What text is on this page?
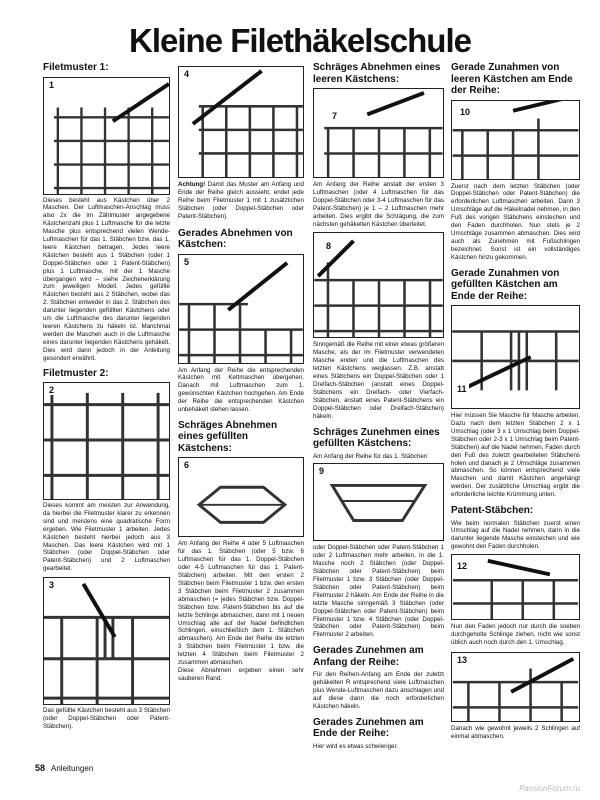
Kleine Filethäkelschule
Filetmuster 1:
1

Dieses besteht aus Kästchen über 2 Maschen. Der Luftmaschen-Anschlag muss also 2x die im Zählmuster angegebene Kästchenzahl plus 1 Luftmasche für die letzte Masche plus entsprechend vielen Wende-Luftmaschen für das 1. Stäbchen bzw. das 1. leere Kästchen betragen. Jedes leere Kästchen besteht aus 1 Stäbchen (oder 1 Doppel-Stäbchen oder 1 Patent-Stäbchen) plus 1 Luftmasche, mit der 1 Masche übergangen wird – siehe Zeichenerklärung zum jeweiligen Modell. Jedes gefüllte Kästchen besteht aus 2 Stäbchen, wobei das 2. Stäbchen entweder in das 2. Stäbchen des darunter liegenden gefüllten Kästchens oder um die Luftmasche des darunter liegenden leeren Kästchens zu häkeln ist. Manchmal werden die Maschen auch in die Luftmasche eines darunter liegenden Kästchens gehäkelt. Dies wird dann jedoch in der Anleitung gesondert erwähnt.

Filetmuster 2:
2

Dieses kommt am meisten zur Anwendung, da hierbei die Filetmuster klarer zu erkennen sind und meistens eine quadratische Form ergeben. Wie Filetmuster 1 arbeiten. Jedes Kästchen besteht hierbei jedoch aus 3 Maschen. Das leere Kästchen wird mit 1 Stäbchen (oder Doppel-Stäbchen oder Patent-Stäbchen) und 2 Luftmaschen gearbeitet.

3

Das gefüllte Kästchen besteht aus 3 Stäbchen (oder Doppel-Stäbchen oder Patent-Stäbchen).

4

Achtung! Damit das Muster am Anfang und Ende der Reihe gleich aussieht, endet jede Reihe beim Filetmuster 1 mit 1 zusätzlichen Stäbchen (oder Doppel-Stäbchen oder Patent-Stäbchen).

Gerades Abnehmen von Kästchen:
5

Am Anfang der Reihe die entsprechenden Kästchen mit Kettmaschen übergehen. Danach mit Luftmaschen zum 1. gewünschten Kästchen hochgehen. Am Ende der Reihe die entsprechenden Kästchen unbehäkelt stehen lassen.

Schräges Abnehmen eines gefüllten Kästchens:
6

Am Anfang der Reihe 4 oder 5 Luftmaschen für das 1. Stäbchen (oder 5 bzw. 6 Luftmaschen für das 1. Doppel-Stäbchen oder 4-5 Luftmaschen für das 1. Patent-Stäbchen) arbeiten. Mit den ersten 2 Stäbchen beim Filetmuster 1 bzw. den ersten 3 Stäbchen beim Filetmuster 2 zusammen abmaschen (= jedes Stäbchen bzw. Doppel-Stäbchen bzw. Patent-Stäbchen bis auf die letzte Schlinge abmaschen, dann mit 1 neuen Umschlag alle auf der Nadel befindlichen Schlingen, einschließlich dem 1. Stäbchen abmaschen). Am Ende der Reihe die letzten 3 Stäbchen beim Filetmuster 1 bzw. die letzten 4 Stäbchen beim Filetmuster 2 zusammen abmaschen.

Diese Abnahmen ergeben einen sehr sauberen Rand.

Schräges Abnehmen eines leeren Kästchens:
7

Am Anfang der Reihe anstatt der ersten 3 Luftmaschen (oder 4 Luftmaschen für das Doppel-Stäbchen oder 3-4 Luftmaschen für das Patent-Stäbchen) je 1 – 2 Luftmaschen mehr arbeiten. Dies ergibt die Schrägung, die zum nächsten gehäkelten Kästchen überleitet.

8

Sinngemäß die Reihe mit einer etwas größeren Masche, als der im Filetmuster verwendeten Masche enden und die Luftmaschen des letzten Kästchens weglassen. Z.B. anstatt eines Stäbchens ein Doppel-Stäbchen oder 1 Dreifach-Stäbchen (anstatt eines Doppel-Stäbchens ein Dreifach- oder Vierfach-Stäbchen, anstatt eines Patent-Stäbchens ein Doppel-Stäbchen oder Dreifach-Stäbchen) häkeln.

Schräges Zunehmen eines gefüllten Kästchens:

Am Anfang der Reihe für das 1. Stäbchen

9

oder Doppel-Stäbchen oder Patent-Stäbchen 1 oder 2 Luftmaschen mehr arbeiten, in die 1. Masche noch 2 Stäbchen (oder Doppel-Stäbchen oder Patent-Stäbchen) beim Filetmuster 1 bzw. 3 Stäbchen (oder Doppel-Stäbchen oder Patent-Stäbchen) beim Filetmuster 2 häkeln. Am Ende der Reihe in die letzte Masche sinngemäß 3 Stäbchen (oder Doppel-Stäbchen oder Patent-Stäbchen) beim Filetmuster 1 bzw. 4 Stäbchen (oder Doppel-Stäbchen oder Patent-Stäbchen) beim Filetmuster 2 arbeiten.

Gerades Zunehmen am Anfang der Reihe:

Für den Reihen-Anfang am Ende der zuletzt gehäkelten R entsprechend viele Luftmaschen plus Wende-Luftmaschen dazu anschlagen und auf diese dann die noch erforderlichen Kästchen häkeln.

Gerades Zunehmen am Ende der Reihe:

Hier wird es etwas schwieriger.

Gerade Zunahmen von leeren Kästchen am Ende der Reihe:
10

Zuerst nach dem letzten Stäbchen (oder Doppel-Stäbchen oder Patent-Stäbchen) die erforderlichen Luftmaschen arbeiten. Dann 3 Umschläge auf die Häkelnadel nehmen, in den Fuß des vorigen Stäbchens einstechen und den Faden durchholen. Nun stets je 2 Umschläge zusammen abmaschen. Dies wird auch als Zunehmen mit Fußschlingen bezeichnet. Sonst ist ein vollständiges Kästchen hinzu gekommen.

Gerade Zunahmen von gefüllten Kästchen am Ende der Reihe:
11

Hier müssen Sie Masche für Masche arbeiten. Dazu nach dem letzten Stäbchen 2 x 1 Umschlag (oder 3 x 1 Umschlag beim Doppel-Stäbchen oder 2-3 x 1 Umschlag beim Patent-Stäbchen) auf die Nadel nehmen, Faden durch den Fuß des zuletzt gearbeiteten Stäbchens holen und danach je 2 Umschläge zusammen abmaschen. So können entsprechend viele Maschen und damit Kästchen angehängt werden. Der zusätzliche Umschlag ergibt die erforderliche leichte Krümmung unten.

Patent-Stäbchen:

Wie beim normalen Stäbchen zuerst einen Umschlag auf die Nadel nehmen, dann in die darunter liegende Masche einstechen und wie gewohnt den Faden durchholen.

12

Nun den Faden jedoch nur durch die soeben durchgeholte Schlinge ziehen, nicht wie sonst üblich auch noch durch den 1. Umschlag.

13

Danach wie gewohnt jeweils 2 Schlingen auf einmal abmaschen.

58 Anleitungen
PassionForum.ru
